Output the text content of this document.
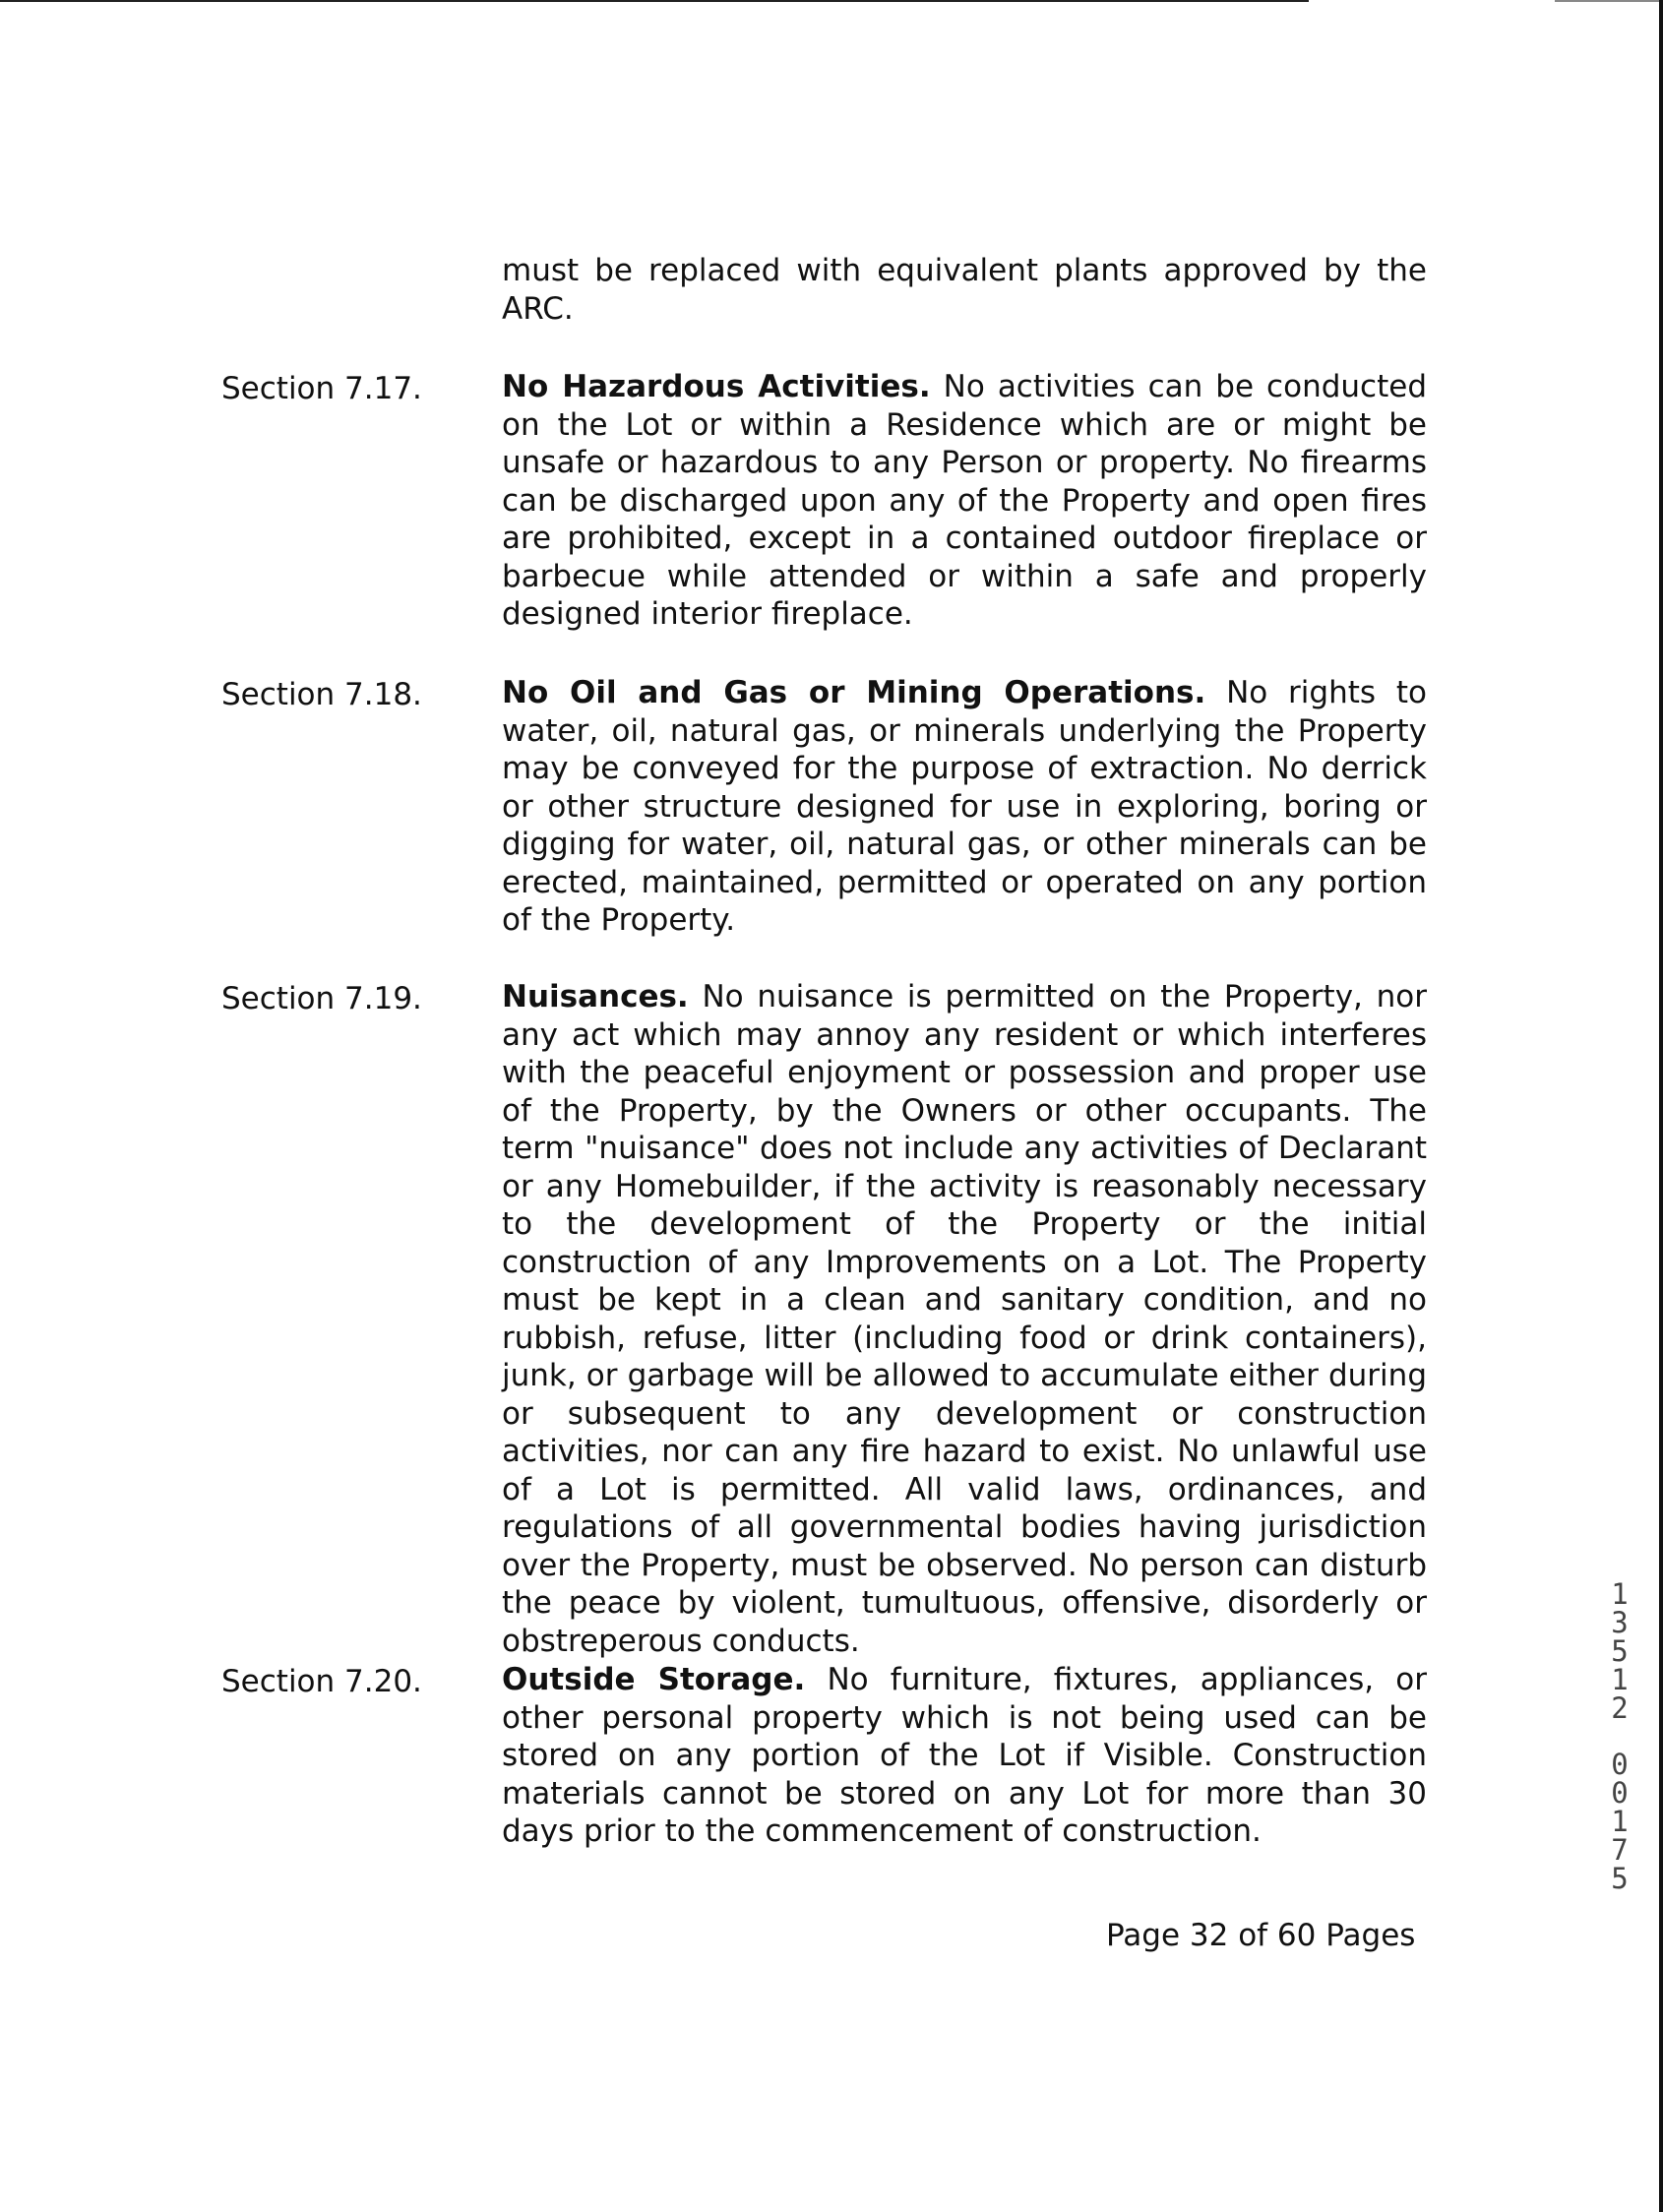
must be replaced with equivalent plants approved by the ARC.

Section 7.17.	No Hazardous Activities. No activities can be conducted on the Lot or within a Residence which are or might be unsafe or hazardous to any Person or property. No firearms can be discharged upon any of the Property and open fires are prohibited, except in a contained outdoor fireplace or barbecue while attended or within a safe and properly designed interior fireplace.

Section 7.18.	No Oil and Gas or Mining Operations. No rights to water, oil, natural gas, or minerals underlying the Property may be conveyed for the purpose of extraction. No derrick or other structure designed for use in exploring, boring or digging for water, oil, natural gas, or other minerals can be erected, maintained, permitted or operated on any portion of the Property.

Section 7.19.	Nuisances. No nuisance is permitted on the Property, nor any act which may annoy any resident or which interferes with the peaceful enjoyment or possession and proper use of the Property, by the Owners or other occupants. The term "nuisance" does not include any activities of Declarant or any Homebuilder, if the activity is reasonably necessary to the development of the Property or the initial construction of any Improvements on a Lot. The Property must be kept in a clean and sanitary condition, and no rubbish, refuse, litter (including food or drink containers), junk, or garbage will be allowed to accumulate either during or subsequent to any development or construction activities, nor can any fire hazard to exist. No unlawful use of a Lot is permitted. All valid laws, ordinances, and regulations of all governmental bodies having jurisdiction over the Property, must be observed. No person can disturb the peace by violent, tumultuous, offensive, disorderly or obstreperous conducts.

Section 7.20.	Outside Storage. No furniture, fixtures, appliances, or other personal property which is not being used can be stored on any portion of the Lot if Visible. Construction materials cannot be stored on any Lot for more than 30 days prior to the commencement of construction.

Page 32 of 60 Pages
1
3
5
1
2
0
0
1
7
5
